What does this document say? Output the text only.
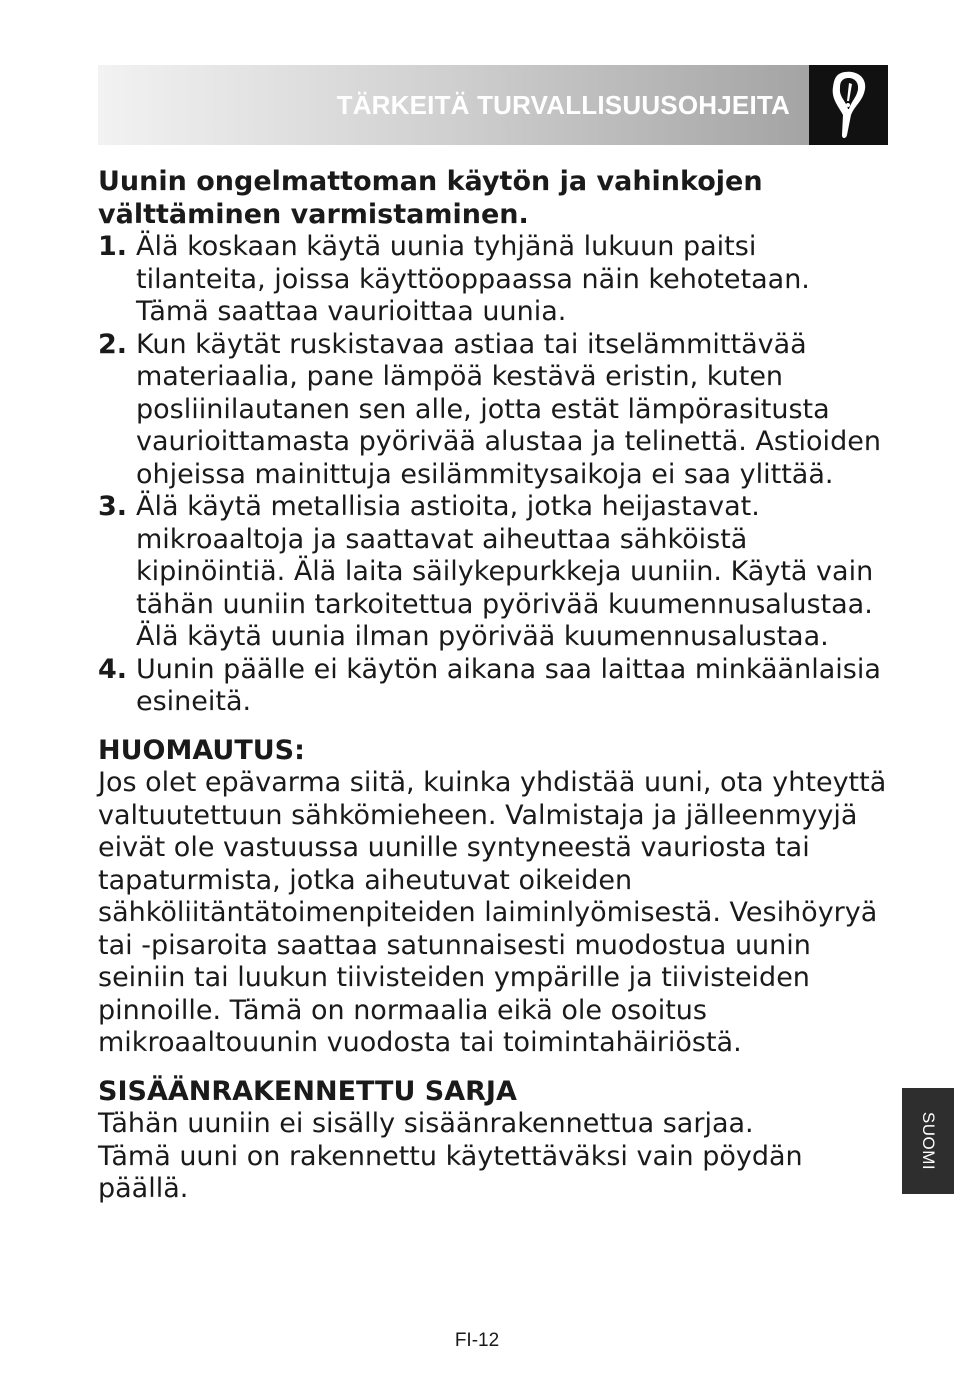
TÄRKEITÄ TURVALLISUUSOHJEITA

Uunin ongelmattoman käytön ja vahinkojen välttäminen varmistaminen.

1. Älä koskaan käytä uunia tyhjänä lukuun paitsi tilanteita, joissa käyttöoppaassa näin kehotetaan. Tämä saattaa vaurioittaa uunia.
2. Kun käytät ruskistavaa astiaa tai itselämmittävää materiaalia, pane lämpöä kestävä eristin, kuten posliinilautanen sen alle, jotta estät lämpörasitusta vaurioittamasta pyörivää alustaa ja telinettä. Astioiden ohjeissa mainittuja esilämmitysaikoja ei saa ylittää.
3. Älä käytä metallisia astioita, jotka heijastavat. mikroaaltoja ja saattavat aiheuttaa sähköistä kipinöintiä. Älä laita säilykepurkkeja uuniin. Käytä vain tähän uuniin tarkoitettua pyörivää kuumennusalustaa. Älä käytä uunia ilman pyörivää kuumennusalustaa.
4. Uunin päälle ei käytön aikana saa laittaa minkäänlaisia esineitä.

HUOMAUTUS:

Jos olet epävarma siitä, kuinka yhdistää uuni, ota yhteyttä valtuutettuun sähkömieheen. Valmistaja ja jälleenmyyjä eivät ole vastuussa uunille syntyneestä vauriosta tai tapaturmista, jotka aiheutuvat oikeiden sähköliitäntätoimenpiteiden laiminlyömisestä. Vesihöyryä tai -pisaroita saattaa satunnaisesti muodostua uunin seiniin tai luukun tiivisteiden ympärille ja tiivisteiden pinnoille. Tämä on normaalia eikä ole osoitus mikroaaltouunin vuodosta tai toimintahäiriöstä.

SISÄÄNRAKENNETTU SARJA

Tähän uuniin ei sisälly sisäänrakennettua sarjaa.

Tämä uuni on rakennettu käytettäväksi vain pöydän päällä.

SUOMI
FI-12
